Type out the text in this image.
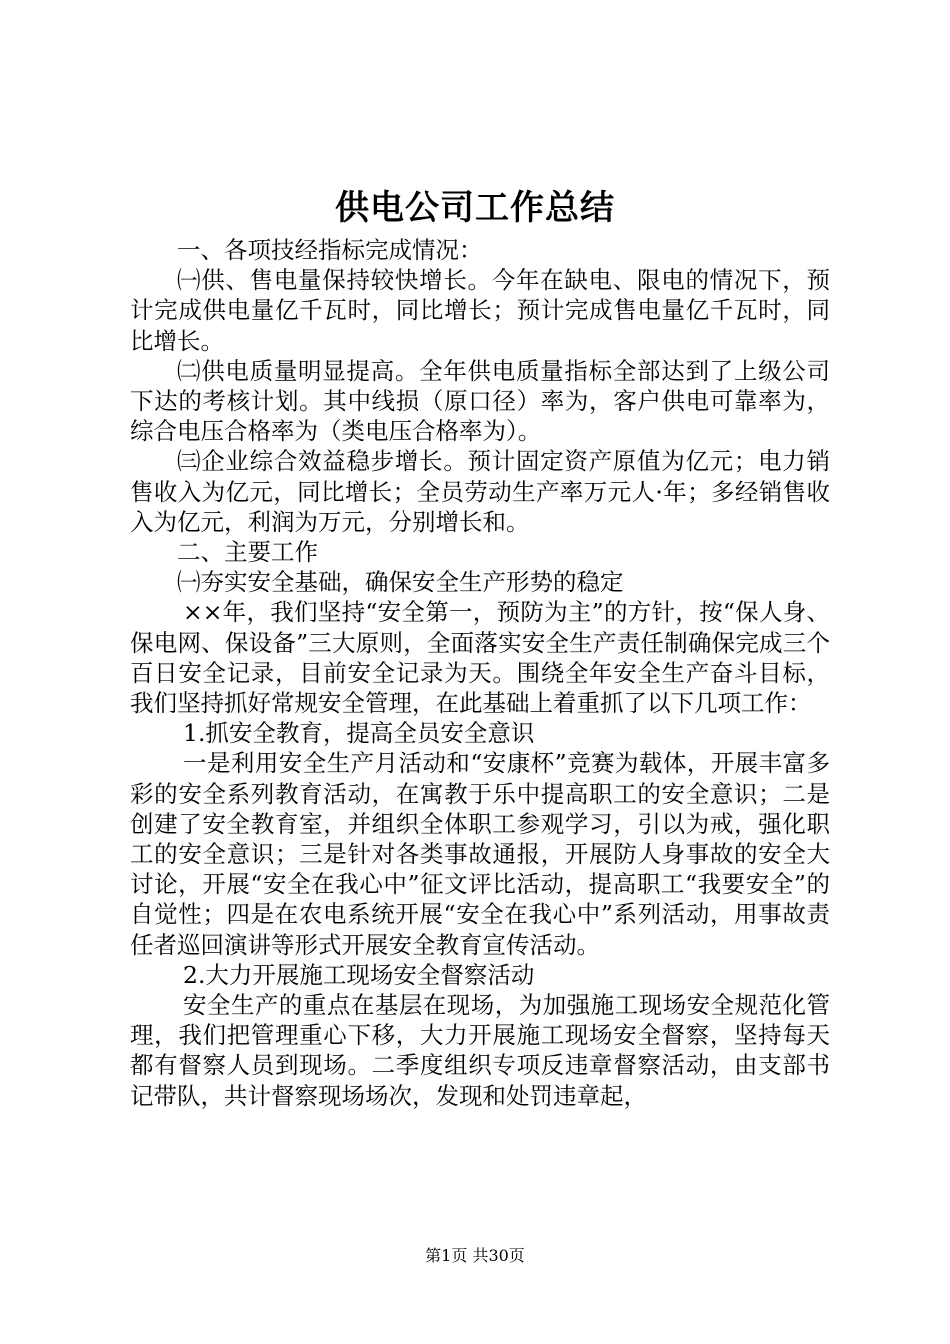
供电公司工作总结

一、各项技经指标完成情况：

㈠供、售电量保持较快增长。今年在缺电、限电的情况下，预计完成供电量亿千瓦时，同比增长；预计完成售电量亿千瓦时，同比增长。

㈡供电质量明显提高。全年供电质量指标全部达到了上级公司下达的考核计划。其中线损（原口径）率为，客户供电可靠率为，综合电压合格率为（类电压合格率为）。

㈢企业综合效益稳步增长。预计固定资产原值为亿元；电力销售收入为亿元，同比增长；全员劳动生产率万元人·年；多经销售收入为亿元，利润为万元，分别增长和。

二、主要工作

㈠夯实安全基础，确保安全生产形势的稳定

××年，我们坚持“安全第一，预防为主”的方针，按“保人身、保电网、保设备”三大原则，全面落实安全生产责任制确保完成三个百日安全记录，目前安全记录为天。围绕全年安全生产奋斗目标，我们坚持抓好常规安全管理，在此基础上着重抓了以下几项工作：

1.抓安全教育，提高全员安全意识

一是利用安全生产月活动和“安康杯”竞赛为载体，开展丰富多彩的安全系列教育活动，在寓教于乐中提高职工的安全意识；二是创建了安全教育室，并组织全体职工参观学习，引以为戒，强化职工的安全意识；三是针对各类事故通报，开展防人身事故的安全大讨论，开展“安全在我心中”征文评比活动，提高职工“我要安全”的自觉性；四是在农电系统开展“安全在我心中”系列活动，用事故责任者巡回演讲等形式开展安全教育宣传活动。

2.大力开展施工现场安全督察活动

安全生产的重点在基层在现场，为加强施工现场安全规范化管理，我们把管理重心下移，大力开展施工现场安全督察，坚持每天都有督察人员到现场。二季度组织专项反违章督察活动，由支部书记带队，共计督察现场场次，发现和处罚违章起，

第1页 共30页
